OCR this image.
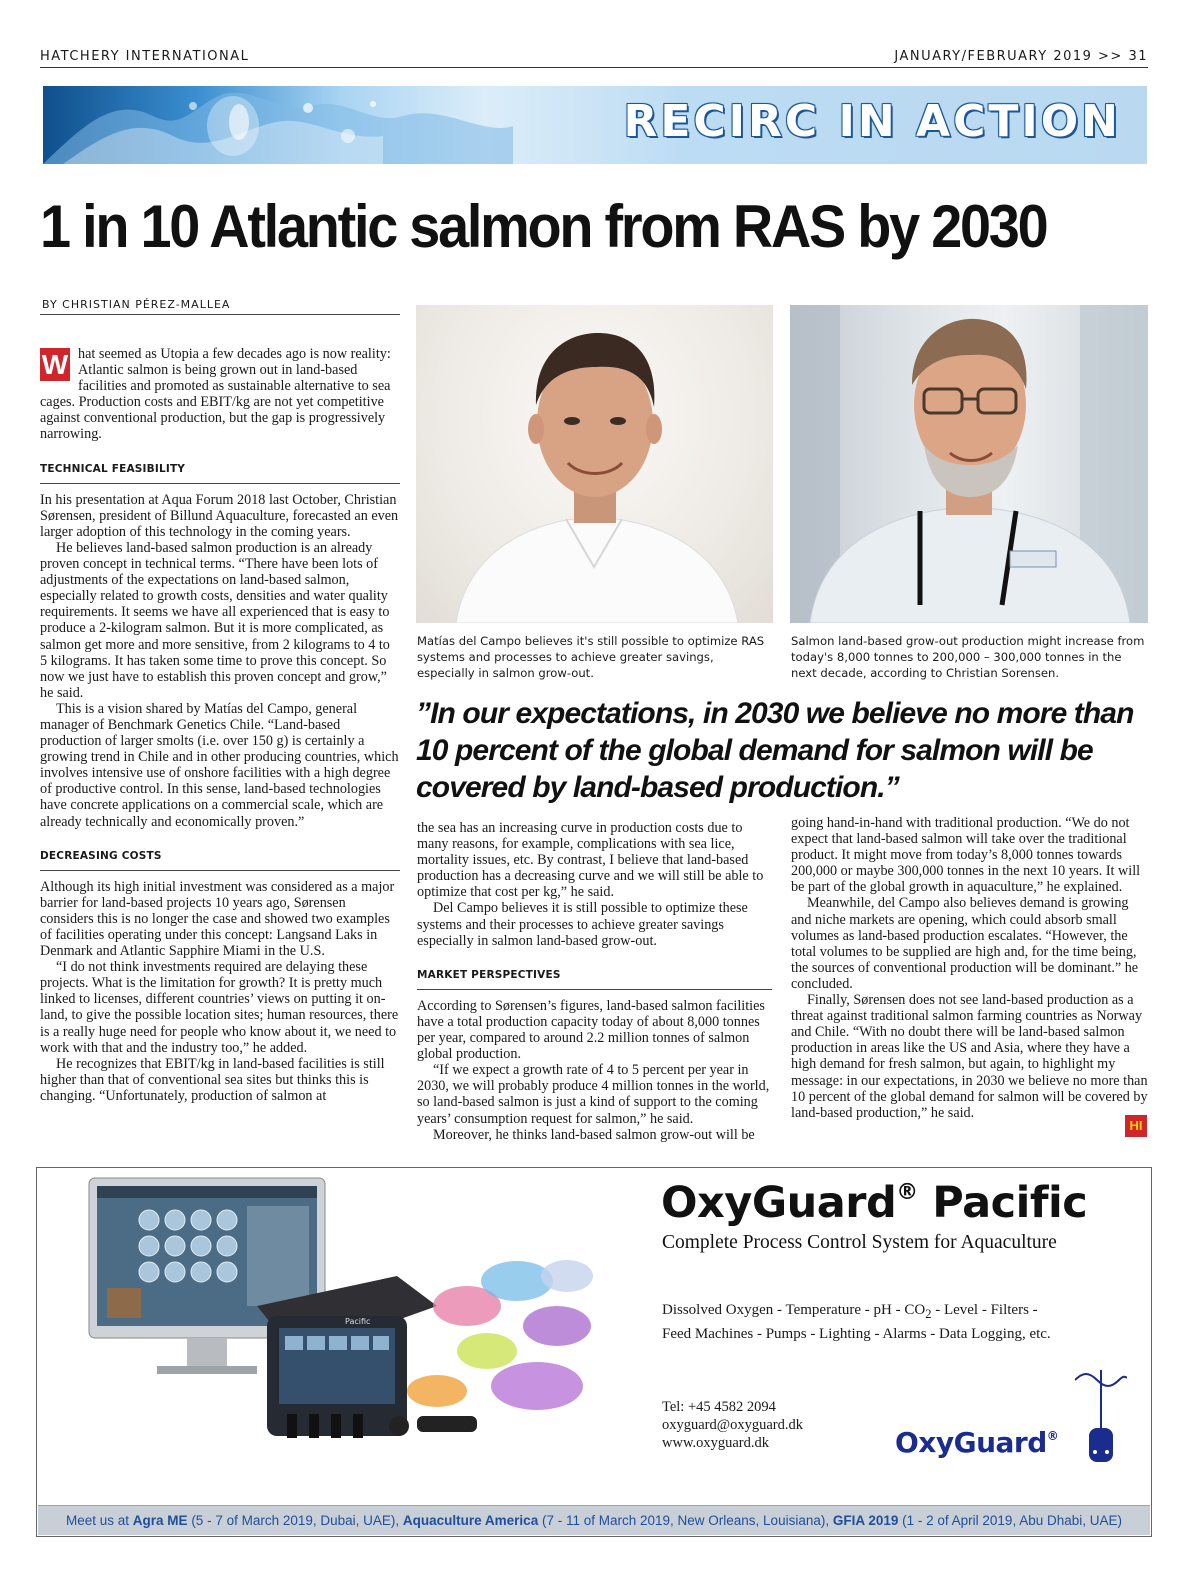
HATCHERY INTERNATIONAL	JANUARY/FEBRUARY 2019 >> 31
RECIRC IN ACTION
1 in 10 Atlantic salmon from RAS by 2030
BY CHRISTIAN PÉREZ-MALLEA

W hat seemed as Utopia a few decades ago is now reality: Atlantic salmon is being grown out in land-based facilities and promoted as sustainable alternative to sea cages. Production costs and EBIT/kg are not yet competitive against conventional production, but the gap is progressively narrowing.

TECHNICAL FEASIBILITY

In his presentation at Aqua Forum 2018 last October, Christian Sørensen, president of Billund Aquaculture, forecasted an even larger adoption of this technology in the coming years.

He believes land-based salmon production is an already proven concept in technical terms. “There have been lots of adjustments of the expectations on land-based salmon, especially related to growth costs, densities and water quality requirements. It seems we have all experienced that is easy to produce a 2-kilogram salmon. But it is more complicated, as salmon get more and more sensitive, from 2 kilograms to 4 to 5 kilograms. It has taken some time to prove this concept. So now we just have to establish this proven concept and grow,” he said.

This is a vision shared by Matías del Campo, general manager of Benchmark Genetics Chile. “Land-based production of larger smolts (i.e. over 150 g) is certainly a growing trend in Chile and in other producing countries, which involves intensive use of onshore facilities with a high degree of productive control. In this sense, land-based technologies have concrete applications on a commercial scale, which are already technically and economically proven.”

DECREASING COSTS

Although its high initial investment was considered as a major barrier for land-based projects 10 years ago, Sørensen considers this is no longer the case and showed two examples of facilities operating under this concept: Langsand Laks in Denmark and Atlantic Sapphire Miami in the U.S.

“I do not think investments required are delaying these projects. What is the limitation for growth? It is pretty much linked to licenses, different countries’ views on putting it on-land, to give the possible location sites; human resources, there is a really huge need for people who know about it, we need to work with that and the industry too,” he added.

He recognizes that EBIT/kg in land-based facilities is still higher than that of conventional sea sites but thinks this is changing. “Unfortunately, production of salmon at

Matías del Campo believes it's still possible to optimize RAS systems and processes to achieve greater savings, especially in salmon grow-out.
Salmon land-based grow-out production might increase from today's 8,000 tonnes to 200,000 – 300,000 tonnes in the next decade, according to Christian Sorensen.
”In our expectations, in 2030 we believe no more than 10 percent of the global demand for salmon will be covered by land-based production.”

the sea has an increasing curve in production costs due to many reasons, for example, complications with sea lice, mortality issues, etc. By contrast, I believe that land-based production has a decreasing curve and we will still be able to optimize that cost per kg,” he said.

Del Campo believes it is still possible to optimize these systems and their processes to achieve greater savings especially in salmon land-based grow-out.

MARKET PERSPECTIVES

According to Sørensen’s figures, land-based salmon facilities have a total production capacity today of about 8,000 tonnes per year, compared to around 2.2 million tonnes of salmon global production.

“If we expect a growth rate of 4 to 5 percent per year in 2030, we will probably produce 4 million tonnes in the world, so land-based salmon is just a kind of support to the coming years’ consumption request for salmon,” he said.

Moreover, he thinks land-based salmon grow-out will be

going hand-in-hand with traditional production. “We do not expect that land-based salmon will take over the traditional product. It might move from today’s 8,000 tonnes towards 200,000 or maybe 300,000 tonnes in the next 10 years. It will be part of the global growth in aquaculture,” he explained.

Meanwhile, del Campo also believes demand is growing and niche markets are opening, which could absorb small volumes as land-based production escalates. “However, the total volumes to be supplied are high and, for the time being, the sources of conventional production will be dominant.” he concluded.

Finally, Sørensen does not see land-based production as a threat against traditional salmon farming countries as Norway and Chile. “With no doubt there will be land-based salmon production in areas like the US and Asia, where they have a high demand for fresh salmon, but again, to highlight my message: in our expectations, in 2030 we believe no more than 10 percent of the global demand for salmon will be covered by land-based production,” he said.

HI
Pacific
OxyGuard® Pacific
Complete Process Control System for Aquaculture
Dissolved Oxygen - Temperature - pH - $CO_2$ - Level - Filters -
Feed Machines - Pumps - Lighting - Alarms - Data Logging, etc.
Tel: +45 4582 2094
oxyguard@oxyguard.dk
www.oxyguard.dk	OxyGuard®
Meet us at Agra ME (5 - 7 of March 2019, Dubai, UAE), Aquaculture America (7 - 11 of March 2019, New Orleans, Louisiana), GFIA 2019 (1 - 2 of April 2019, Abu Dhabi, UAE)
